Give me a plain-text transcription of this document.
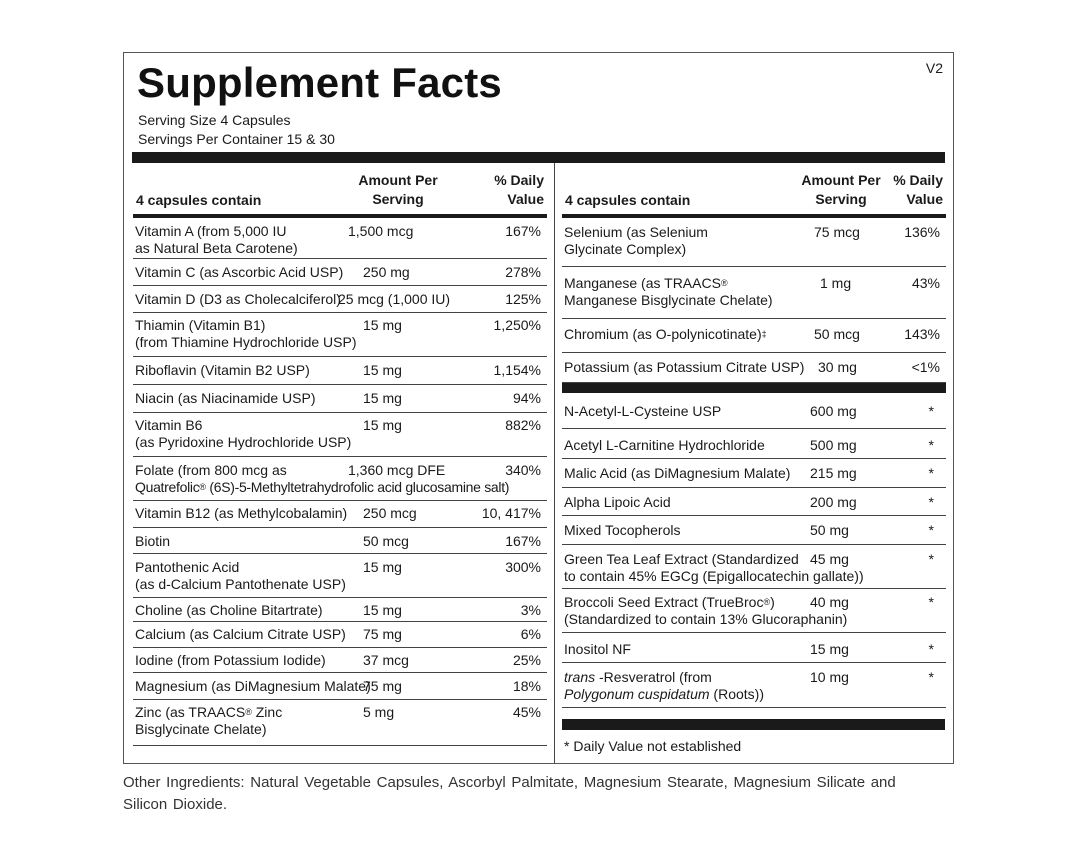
Supplement Facts	V2
Serving Size 4 Capsules
Servings Per Container 15 & 30
4 capsules contain
Amount Per
Serving
% Daily
Value
Vitamin A (from 5,000 IU
as Natural Beta Carotene)
1,500 mcg	167%
Vitamin C (as Ascorbic Acid USP)	250 mg	278%
Vitamin D (D3 as Cholecalciferol)
25 mcg (1,000 IU)	125%
Thiamin (Vitamin B1)
(from Thiamine Hydrochloride USP)
15 mg	1,250%
Riboflavin (Vitamin B2 USP)	15 mg	1,154%
Niacin (as Niacinamide USP)	15 mg	94%
Vitamin B6
(as Pyridoxine Hydrochloride USP)
15 mg	882%
Folate (from 800 mcg as
Quatrefolic® (6S)-5-Methyltetrahydrofolic acid glucosamine salt)
1,360 mcg DFE	340%
Vitamin B12 (as Methylcobalamin)	250 mcg	10, 417%
Biotin	50 mcg	167%
Pantothenic Acid
(as d-Calcium Pantothenate USP)
15 mg	300%
Choline (as Choline Bitartrate)	15 mg	3%
Calcium (as Calcium Citrate USP)	75 mg	6%
Iodine (from Potassium Iodide)	37 mcg	25%
Magnesium (as DiMagnesium Malate)
75 mg	18%
Zinc (as TRAACS® Zinc
Bisglycinate Chelate)
5 mg	45%
4 capsules contain
Amount Per
Serving
% Daily
Value
Selenium (as Selenium
Glycinate Complex)
75 mcg	136%
Manganese (as TRAACS®
Manganese Bisglycinate Chelate)
1 mg	43%
Chromium (as O-polynicotinate)‡	50 mcg	143%
Potassium (as Potassium Citrate USP) 30 mg	<1%
N-Acetyl-L-Cysteine USP	600 mg	*
Acetyl L-Carnitine Hydrochloride	500 mg	*
Malic Acid (as DiMagnesium Malate)	215 mg	*
Alpha Lipoic Acid	200 mg	*
Mixed Tocopherols	50 mg	*
Green Tea Leaf Extract (Standardized
to contain 45% EGCg (Epigallocatechin gallate))
45 mg	*
Broccoli Seed Extract (TrueBroc®)
(Standardized to contain 13% Glucoraphanin)
40 mg	*
Inositol NF	15 mg	*
trans -Resveratrol (from
Polygonum cuspidatum (Roots))
10 mg	*
* Daily Value not established
Other Ingredients: Natural Vegetable Capsules, Ascorbyl Palmitate, Magnesium Stearate, Magnesium Silicate and Silicon Dioxide.
